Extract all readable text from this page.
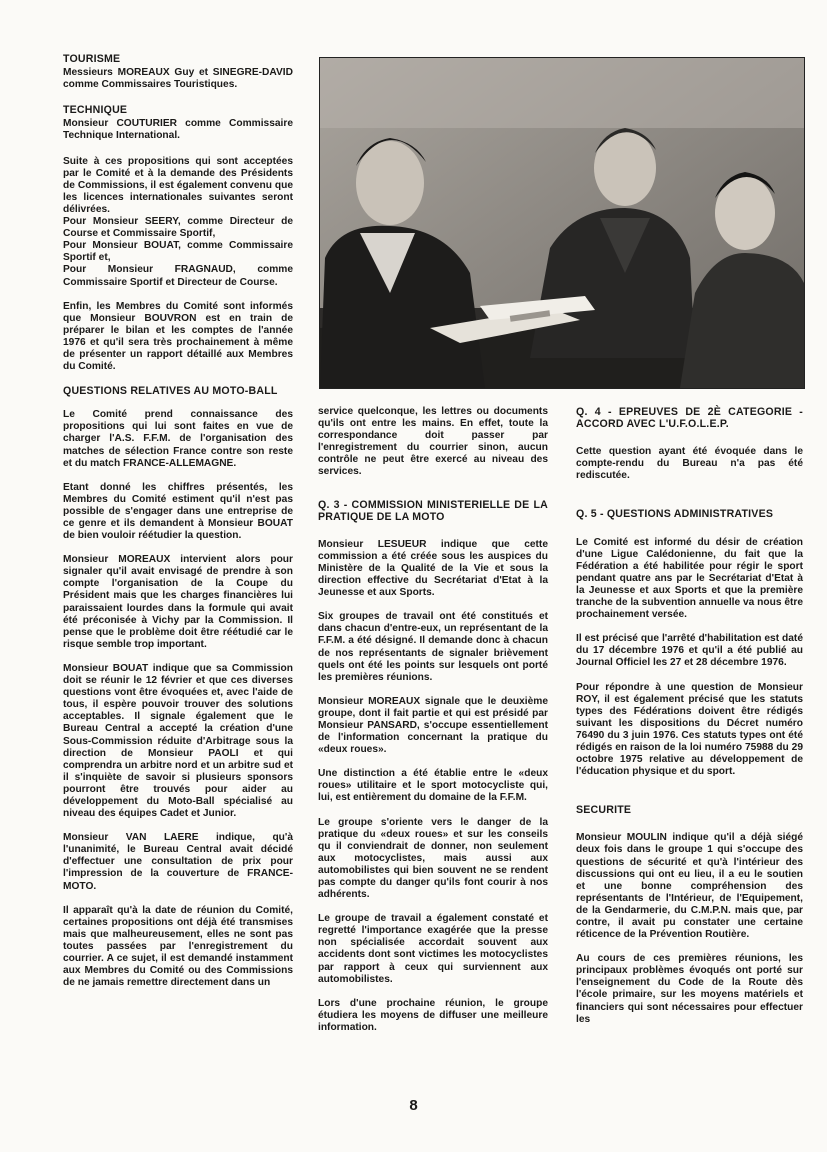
TOURISME
Messieurs MOREAUX Guy et SINEGRE-DAVID comme Commissaires Touristiques.
TECHNIQUE
Monsieur COUTURIER comme Commissaire Technique International.

Suite à ces propositions qui sont acceptées par le Comité et à la demande des Présidents de Commissions, il est également convenu que les licences internationales suivantes seront délivrées.
Pour Monsieur SEERY, comme Directeur de Course et Commissaire Sportif,
Pour Monsieur BOUAT, comme Commissaire Sportif et,
Pour Monsieur FRAGNAUD, comme Commissaire Sportif et Directeur de Course.

Enfin, les Membres du Comité sont informés que Monsieur BOUVRON est en train de préparer le bilan et les comptes de l'année 1976 et qu'il sera très prochainement à même de présenter un rapport détaillé aux Membres du Comité.

QUESTIONS RELATIVES AU MOTO-BALL

Le Comité prend connaissance des propositions qui lui sont faites en vue de charger l'A.S. F.F.M. de l'organisation des matches de sélection France contre son reste et du match FRANCE-ALLEMAGNE.

Etant donné les chiffres présentés, les Membres du Comité estiment qu'il n'est pas possible de s'engager dans une entreprise de ce genre et ils demandent à Monsieur BOUAT de bien vouloir réétudier la question.

Monsieur MOREAUX intervient alors pour signaler qu'il avait envisagé de prendre à son compte l'organisation de la Coupe du Président mais que les charges financières lui paraissaient lourdes dans la formule qui avait été préconisée à Vichy par la Commission. Il pense que le problème doit être réétudié car le risque semble trop important.

Monsieur BOUAT indique que sa Commission doit se réunir le 12 février et que ces diverses questions vont être évoquées et, avec l'aide de tous, il espère pouvoir trouver des solutions acceptables. Il signale également que le Bureau Central a accepté la création d'une Sous-Commission réduite d'Arbitrage sous la direction de Monsieur PAOLI et qui comprendra un arbitre nord et un arbitre sud et il s'inquiète de savoir si plusieurs sponsors pourront être trouvés pour aider au développement du Moto-Ball spécialisé au niveau des équipes Cadet et Junior.

Monsieur VAN LAERE indique, qu'à l'unanimité, le Bureau Central avait décidé d'effectuer une consultation de prix pour l'impression de la couverture de FRANCE-MOTO.

Il apparaît qu'à la date de réunion du Comité, certaines propositions ont déjà été transmises mais que malheureusement, elles ne sont pas toutes passées par l'enregistrement du courrier. A ce sujet, il est demandé instamment aux Membres du Comité ou des Commissions de ne jamais remettre directement dans un

service quelconque, les lettres ou documents qu'ils ont entre les mains. En effet, toute la correspondance doit passer par l'enregistrement du courrier sinon, aucun contrôle ne peut être exercé au niveau des services.

Q. 3 - COMMISSION MINISTERIELLE DE LA PRATIQUE DE LA MOTO

Monsieur LESUEUR indique que cette commission a été créée sous les auspices du Ministère de la Qualité de la Vie et sous la direction effective du Secrétariat d'Etat à la Jeunesse et aux Sports.

Six groupes de travail ont été constitués et dans chacun d'entre-eux, un représentant de la F.F.M. a été désigné. Il demande donc à chacun de nos représentants de signaler brièvement quels ont été les points sur lesquels ont porté les premières réunions.

Monsieur MOREAUX signale que le deuxième groupe, dont il fait partie et qui est présidé par Monsieur PANSARD, s'occupe essentiellement de l'information concernant la pratique du «deux roues».

Une distinction a été établie entre le «deux roues» utilitaire et le sport motocycliste qui, lui, est entièrement du domaine de la F.F.M.

Le groupe s'oriente vers le danger de la pratique du «deux roues» et sur les conseils qu il conviendrait de donner, non seulement aux motocyclistes, mais aussi aux automobilistes qui bien souvent ne se rendent pas compte du danger qu'ils font courir à nos adhérents.

Le groupe de travail a également constaté et regretté l'importance exagérée que la presse non spécialisée accordait souvent aux accidents dont sont victimes les motocyclistes par rapport à ceux qui surviennent aux automobilistes.

Lors d'une prochaine réunion, le groupe étudiera les moyens de diffuser une meilleure information.

Q. 4 - EPREUVES DE 2È CATEGORIE - ACCORD AVEC L'U.F.O.L.E.P.

Cette question ayant été évoquée dans le compte-rendu du Bureau n'a pas été rediscutée.

Q. 5 - QUESTIONS ADMINISTRATIVES

Le Comité est informé du désir de création d'une Ligue Calédonienne, du fait que la Fédération a été habilitée pour régir le sport pendant quatre ans par le Secrétariat d'Etat à la Jeunesse et aux Sports et que la première tranche de la subvention annuelle va nous être prochainement versée.

Il est précisé que l'arrêté d'habilitation est daté du 17 décembre 1976 et qu'il a été publié au Journal Officiel les 27 et 28 décembre 1976.

Pour répondre à une question de Monsieur ROY, il est également précisé que les statuts types des Fédérations doivent être rédigés suivant les dispositions du Décret numéro 76490 du 3 juin 1976. Ces statuts types ont été rédigés en raison de la loi numéro 75988 du 29 octobre 1975 relative au développement de l'éducation physique et du sport.

SECURITE

Monsieur MOULIN indique qu'il a déjà siégé deux fois dans le groupe 1 qui s'occupe des questions de sécurité et qu'à l'intérieur des discussions qui ont eu lieu, il a eu le soutien et une bonne compréhension des représentants de l'Intérieur, de l'Equipement, de la Gendarmerie, du C.M.P.N. mais que, par contre, il avait pu constater une certaine réticence de la Prévention Routière.

Au cours de ces premières réunions, les principaux problèmes évoqués ont porté sur l'enseignement du Code de la Route dès l'école primaire, sur les moyens matériels et financiers qui sont nécessaires pour effectuer les

8
